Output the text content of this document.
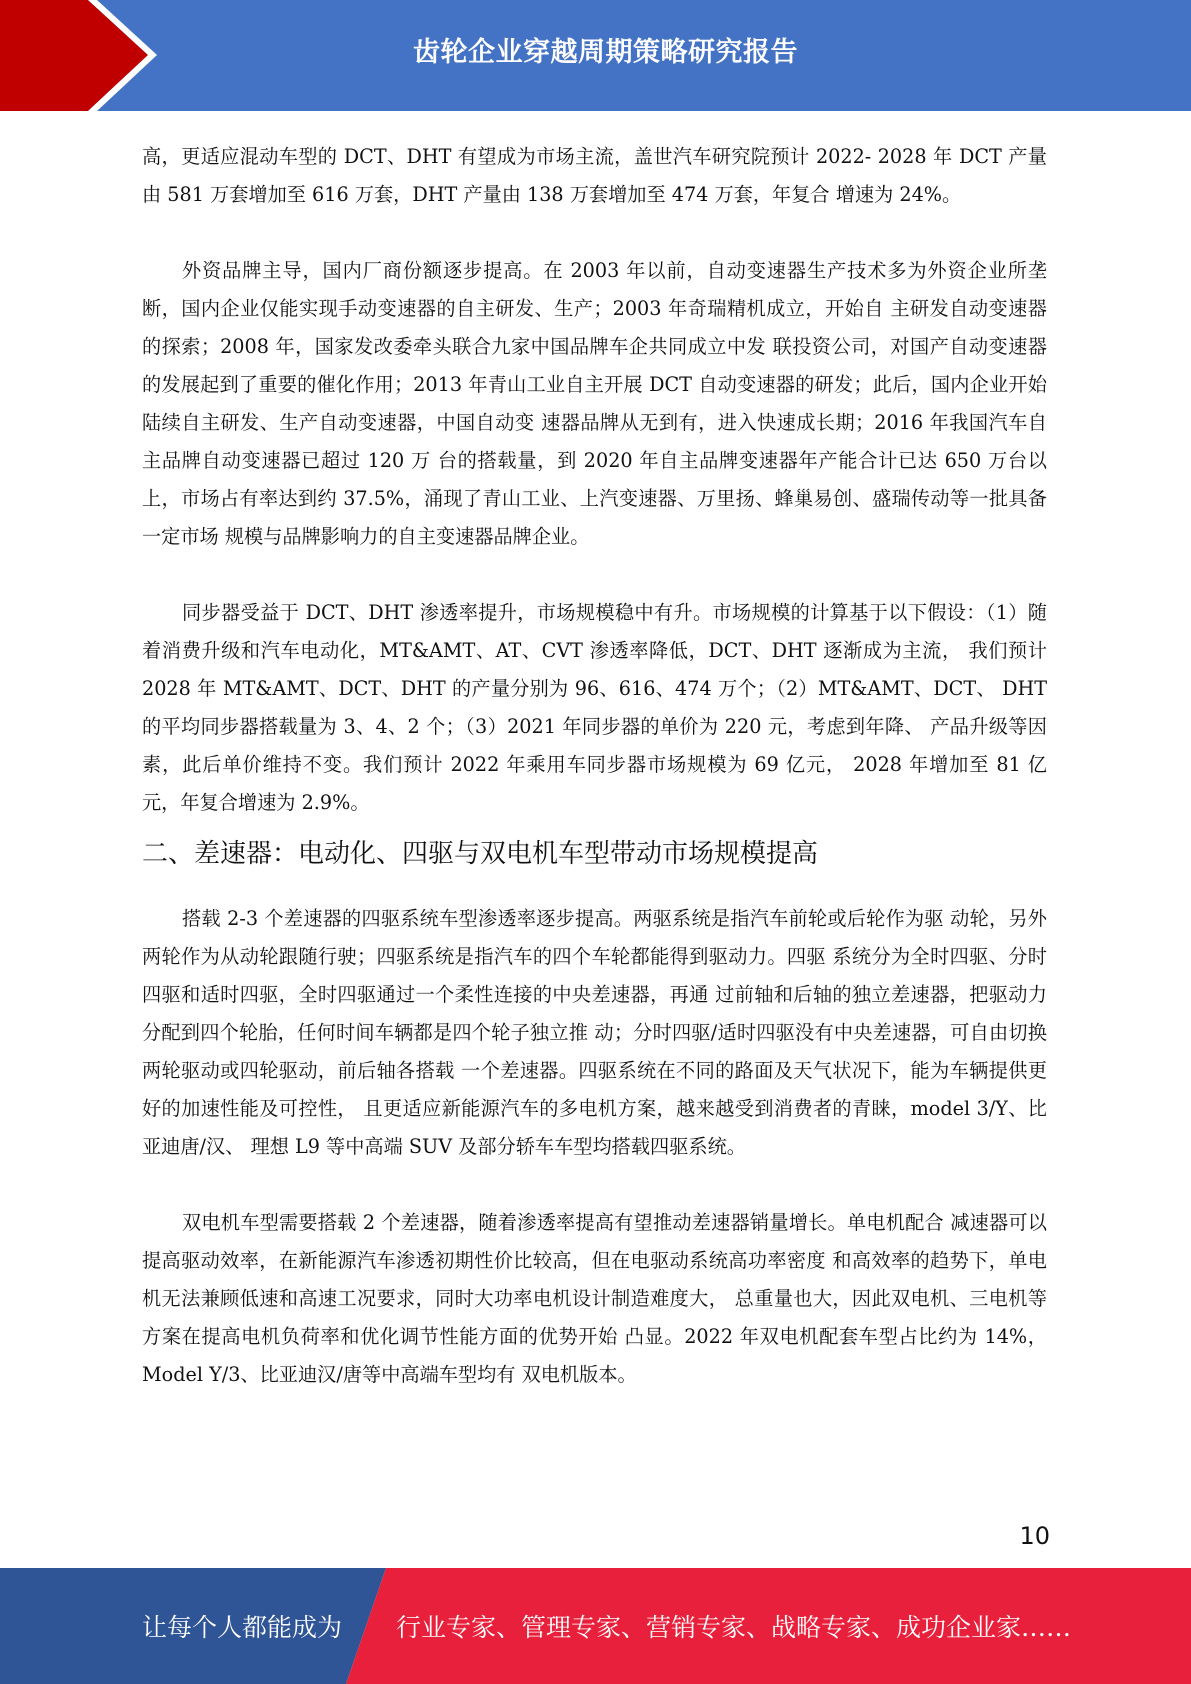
齿轮企业穿越周期策略研究报告

高，更适应混动车型的 DCT、DHT 有望成为市场主流，盖世汽车研究院预计 2022- 2028 年 DCT 产量由 581 万套增加至 616 万套，DHT 产量由 138 万套增加至 474 万套，年复合 增速为 24%。

外资品牌主导，国内厂商份额逐步提高。在 2003 年以前，自动变速器生产技术多为外资企业所垄断，国内企业仅能实现手动变速器的自主研发、生产；2003 年奇瑞精机成立，开始自 主研发自动变速器的探索；2008 年，国家发改委牵头联合九家中国品牌车企共同成立中发 联投资公司，对国产自动变速器的发展起到了重要的催化作用；2013 年青山工业自主开展 DCT 自动变速器的研发；此后，国内企业开始陆续自主研发、生产自动变速器，中国自动变 速器品牌从无到有，进入快速成长期；2016 年我国汽车自主品牌自动变速器已超过 120 万 台的搭载量，到 2020 年自主品牌变速器年产能合计已达 650 万台以上，市场占有率达到约 37.5%，涌现了青山工业、上汽变速器、万里扬、蜂巢易创、盛瑞传动等一批具备一定市场 规模与品牌影响力的自主变速器品牌企业。

同步器受益于 DCT、DHT 渗透率提升，市场规模稳中有升。市场规模的计算基于以下假设：（1）随着消费升级和汽车电动化，MT&AMT、AT、CVT 渗透率降低，DCT、DHT 逐渐成为主流， 我们预计 2028 年 MT&AMT、DCT、DHT 的产量分别为 96、616、474 万个；（2）MT&AMT、DCT、 DHT 的平均同步器搭载量为 3、4、2 个；（3）2021 年同步器的单价为 220 元，考虑到年降、 产品升级等因素，此后单价维持不变。我们预计 2022 年乘用车同步器市场规模为 69 亿元， 2028 年增加至 81 亿元，年复合增速为 2.9%。

二、差速器：电动化、四驱与双电机车型带动市场规模提高

搭载 2-3 个差速器的四驱系统车型渗透率逐步提高。两驱系统是指汽车前轮或后轮作为驱 动轮，另外两轮作为从动轮跟随行驶；四驱系统是指汽车的四个车轮都能得到驱动力。四驱 系统分为全时四驱、分时四驱和适时四驱，全时四驱通过一个柔性连接的中央差速器，再通 过前轴和后轴的独立差速器，把驱动力分配到四个轮胎，任何时间车辆都是四个轮子独立推 动；分时四驱/适时四驱没有中央差速器，可自由切换两轮驱动或四轮驱动，前后轴各搭载 一个差速器。四驱系统在不同的路面及天气状况下，能为车辆提供更好的加速性能及可控性， 且更适应新能源汽车的多电机方案，越来越受到消费者的青睐，model 3/Y、比亚迪唐/汉、 理想 L9 等中高端 SUV 及部分轿车车型均搭载四驱系统。

双电机车型需要搭载 2 个差速器，随着渗透率提高有望推动差速器销量增长。单电机配合 减速器可以提高驱动效率，在新能源汽车渗透初期性价比较高，但在电驱动系统高功率密度 和高效率的趋势下，单电机无法兼顾低速和高速工况要求，同时大功率电机设计制造难度大， 总重量也大，因此双电机、三电机等方案在提高电机负荷率和优化调节性能方面的优势开始 凸显。2022 年双电机配套车型占比约为 14%，Model Y/3、比亚迪汉/唐等中高端车型均有 双电机版本。

10
让每个人都能成为 行业专家、管理专家、营销专家、战略专家、成功企业家……
